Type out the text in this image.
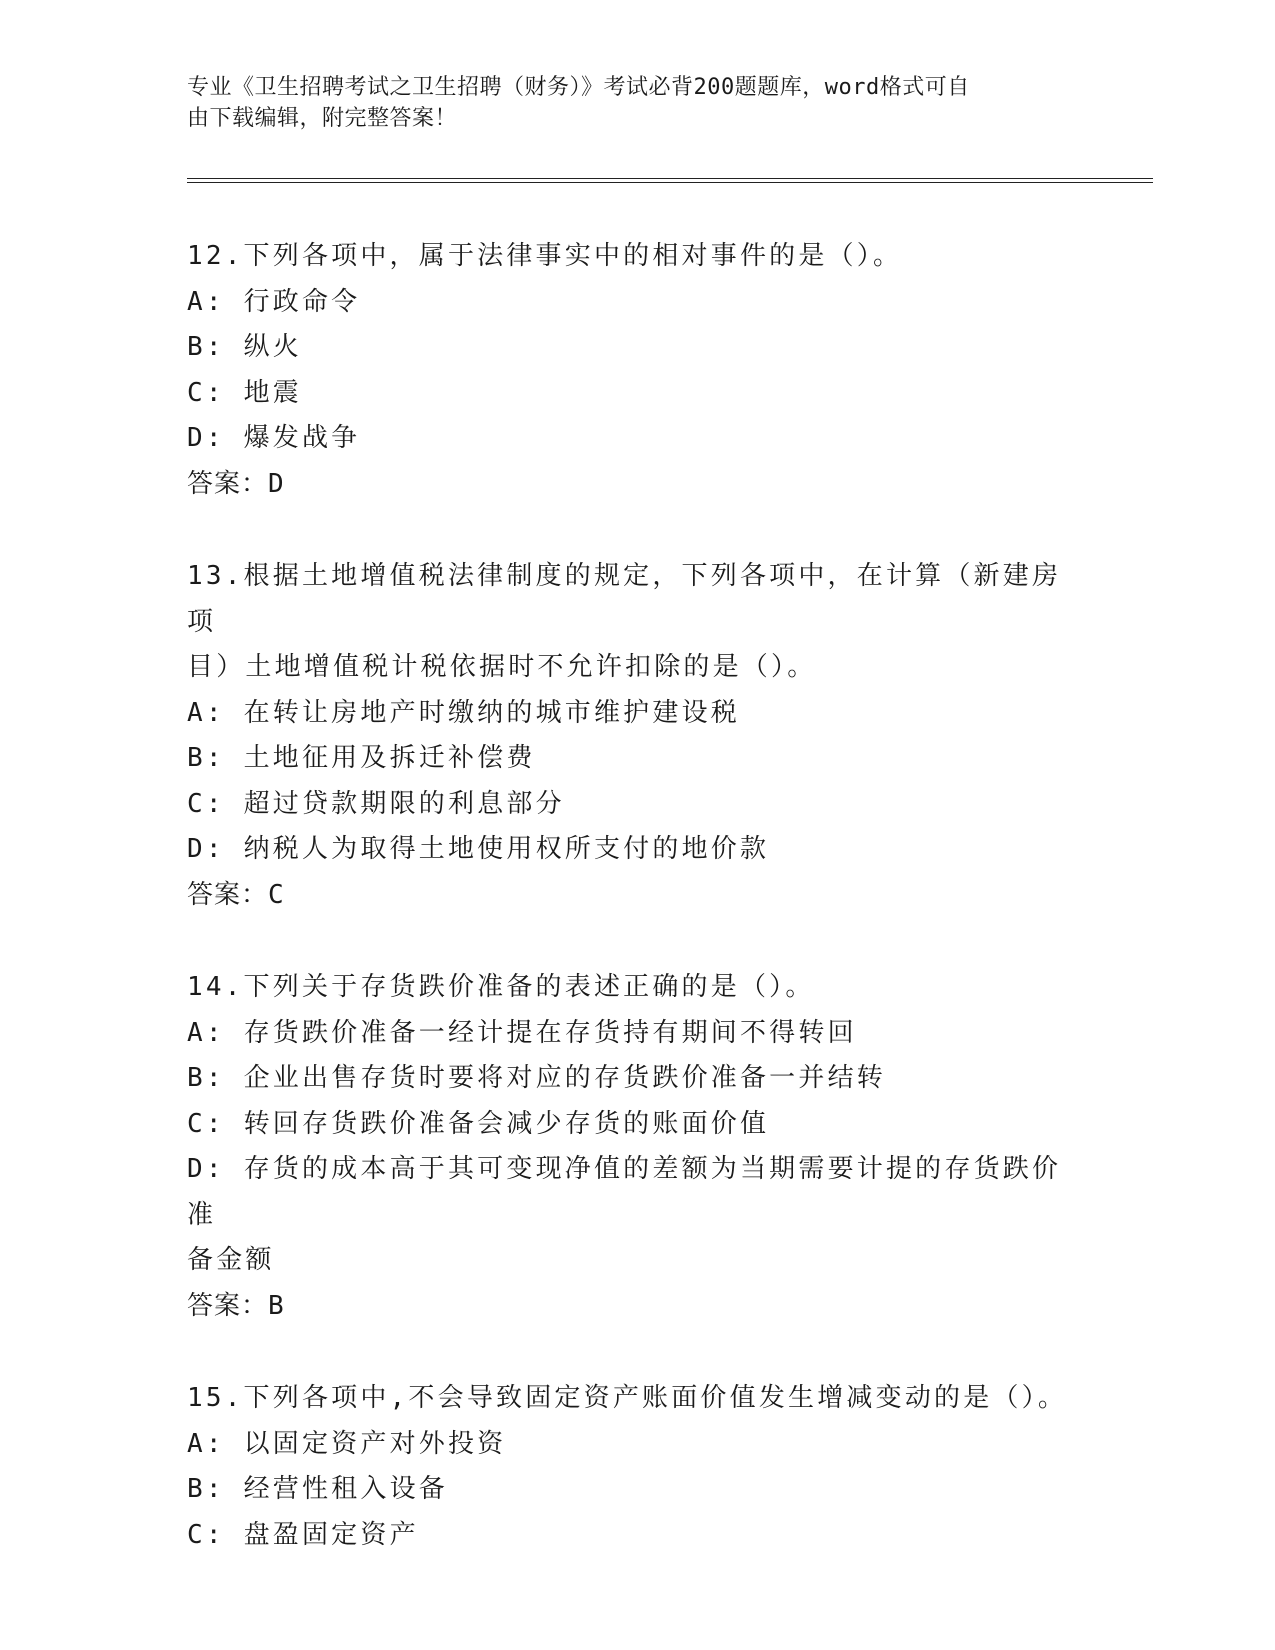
专业《卫生招聘考试之卫生招聘（财务）》考试必背200题题库，word格式可自
由下载编辑，附完整答案！
12.下列各项中，属于法律事实中的相对事件的是（）。
A: 行政命令
B: 纵火
C: 地震
D: 爆发战争
答案：D
13.根据土地增值税法律制度的规定，下列各项中，在计算（新建房项
目）土地增值税计税依据时不允许扣除的是（）。
A: 在转让房地产时缴纳的城市维护建设税
B: 土地征用及拆迁补偿费
C: 超过贷款期限的利息部分
D: 纳税人为取得土地使用权所支付的地价款
答案：C
14.下列关于存货跌价准备的表述正确的是（）。
A: 存货跌价准备一经计提在存货持有期间不得转回
B: 企业出售存货时要将对应的存货跌价准备一并结转
C: 转回存货跌价准备会减少存货的账面价值
D: 存货的成本高于其可变现净值的差额为当期需要计提的存货跌价准
备金额
答案：B
15.下列各项中,不会导致固定资产账面价值发生增减变动的是（）。
A: 以固定资产对外投资
B: 经营性租入设备
C: 盘盈固定资产
